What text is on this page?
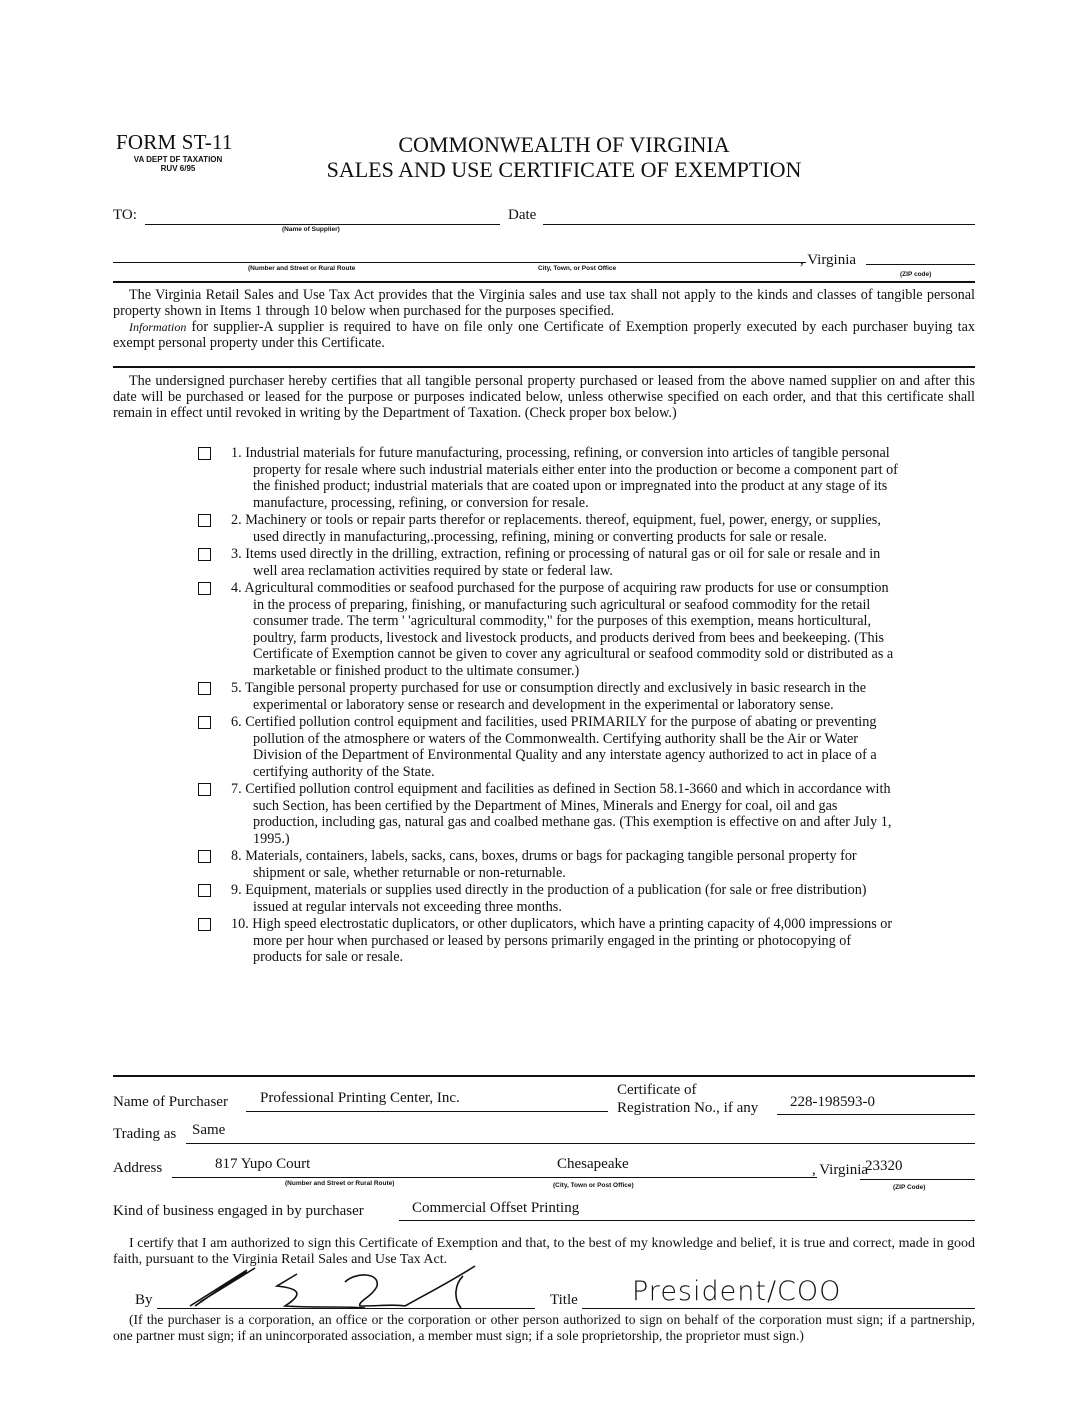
FORM ST-11
VA DEPT DF TAXATION
RUV 6/95
COMMONWEALTH OF VIRGINIA
SALES AND USE CERTIFICATE OF EXEMPTION
TO:
(Name of Supplier)
Date
(Number and Street or Rural Route	City, Town, or Post Office
, Virginia
(ZIP code)

The Virginia Retail Sales and Use Tax Act provides that the Virginia sales and use tax shall not apply to the kinds and classes of tangible personal property shown in Items 1 through 10 below when purchased for the purposes specified.

Information for supplier-A supplier is required to have on file only one Certificate of Exemption properly executed by each purchaser buying tax exempt personal property under this Certificate.

The undersigned purchaser hereby certifies that all tangible personal property purchased or leased from the above named supplier on and after this date will be purchased or leased for the purpose or purposes indicated below, unless otherwise specified on each order, and that this certificate shall remain in effect until revoked in writing by the Department of Taxation. (Check proper box below.)

1. Industrial materials for future manufacturing, processing, refining, or conversion into articles of tangible personal property for resale where such industrial materials either enter into the production or become a component part of the finished product; industrial materials that are coated upon or impregnated into the product at any stage of its manufacture, processing, refining, or conversion for resale.
2. Machinery or tools or repair parts therefor or replacements. thereof, equipment, fuel, power, energy, or supplies, used directly in manufacturing,.processing, refining, mining or converting products for sale or resale.
3. Items used directly in the drilling, extraction, refining or processing of natural gas or oil for sale or resale and in well area reclamation activities required by state or federal law.
4. Agricultural commodities or seafood purchased for the purpose of acquiring raw products for use or consumption in the process of preparing, finishing, or manufacturing such agricultural or seafood commodity for the retail consumer trade. The term ' 'agricultural commodity," for the purposes of this exemption, means horticultural, poultry, farm products, livestock and livestock products, and products derived from bees and beekeeping. (This Certificate of Exemption cannot be given to cover any agricultural or seafood commodity sold or distributed as a marketable or finished product to the ultimate consumer.)
5. Tangible personal property purchased for use or consumption directly and exclusively in basic research in the experimental or laboratory sense or research and development in the experimental or laboratory sense.
6. Certified pollution control equipment and facilities, used PRIMARILY for the purpose of abating or preventing pollution of the atmosphere or waters of the Commonwealth. Certifying authority shall be the Air or Water Division of the Department of Environmental Quality and any interstate agency authorized to act in place of a certifying authority of the State.
7. Certified pollution control equipment and facilities as defined in Section 58.1-3660 and which in accordance with such Section, has been certified by the Department of Mines, Minerals and Energy for coal, oil and gas production, including gas, natural gas and coalbed methane gas. (This exemption is effective on and after July 1, 1995.)
8. Materials, containers, labels, sacks, cans, boxes, drums or bags for packaging tangible personal property for shipment or sale, whether returnable or non-returnable.
9. Equipment, materials or supplies used directly in the production of a publication (for sale or free distribution) issued at regular intervals not exceeding three months.
10. High speed electrostatic duplicators, or other duplicators, which have a printing capacity of 4,000 impressions or more per hour when purchased or leased by persons primarily engaged in the printing or photocopying of products for sale or resale.
Name of Purchaser Professional Printing Center, Inc.	Certificate of
Registration No., if any 228-198593-0
Trading as Same
Address	817 Yupo Court
(Number and Street or Rural Route)
Chesapeake
(City, Town or Post Office)
, Virginia
23320
(ZIP Code)
Kind of business engaged in by purchaser	Commercial Offset Printing

I certify that I am authorized to sign this Certificate of Exemption and that, to the best of my knowledge and belief, it is true and correct, made in good faith, pursuant to the Virginia Retail Sales and Use Tax Act.

By	Title President/COO

(If the purchaser is a corporation, an office or the corporation or other person authorized to sign on behalf of the corporation must sign; if a partnership, one partner must sign; if an unincorporated association, a member must sign; if a sole proprietorship, the proprietor must sign.)
